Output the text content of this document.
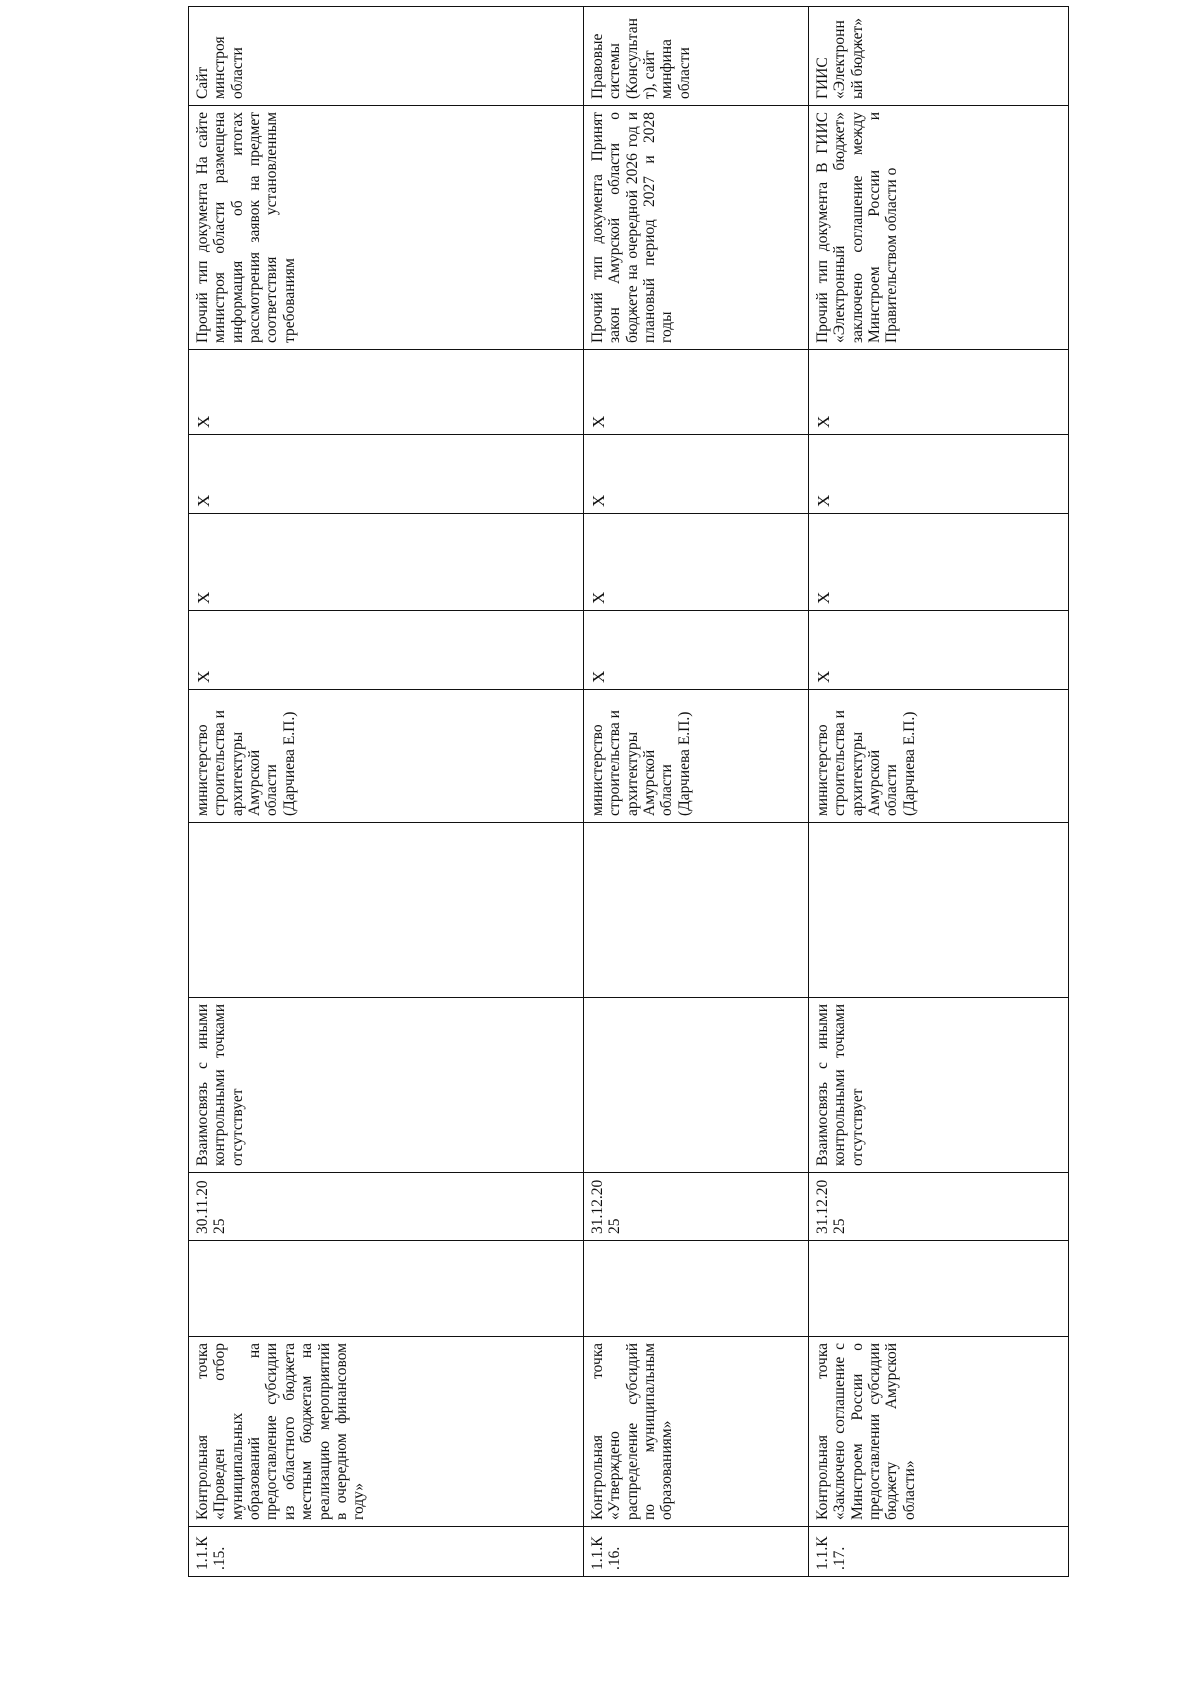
1.1.К.15.	Контрольная точка «Проведен отбор муниципальных образований на предоставление субсидии из областного бюджета местным бюджетам на реализацию мероприятий в очередном финансовом году»		30.11.2025	Взаимосвязь с иными контрольными точками отсутствует		министерство строительства и архитектуры Амурской области (Дарчиева Е.П.)	Х	Х	Х	Х	Прочий тип документа На сайте министроя области размещена информация об итогах рассмотрения заявок на предмет соответствия установленным требованиям	Сайт минстроя области
1.1.К.16.	Контрольная точка «Утверждено распределение субсидий по муниципальным образованиям»		31.12.2025			министерство строительства и архитектуры Амурской области (Дарчиева Е.П.)	Х	Х	Х	Х	Прочий тип документа Принят закон Амурской области о бюджете на очередной 2026 год и плановый период 2027 и 2028 годы	Правовые системы (Консультант), сайт минфина области
1.1.К.17.	Контрольная точка «Заключено соглашение с Минстроем России о предоставлении субсидии бюджету Амурской области»		31.12.2025	Взаимосвязь с иными контрольными точками отсутствует		министерство строительства и архитектуры Амурской области (Дарчиева Е.П.)	Х	Х	Х	Х	Прочий тип документа В ГИИС «Электронный бюджет» заключено соглашение между Минстроем России и Правительством области о	ГИИС «Электронный бюджет»
